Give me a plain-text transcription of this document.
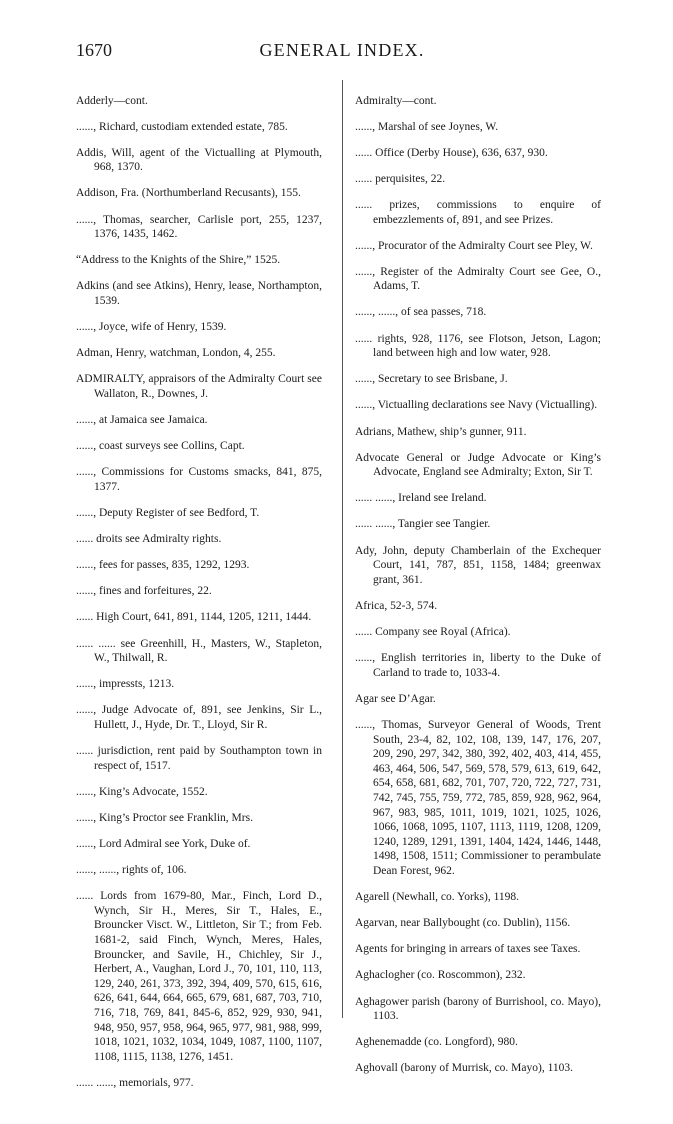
1670	GENERAL INDEX.

Adderly—cont.

......, Richard, custodiam extended estate, 785.

Addis, Will, agent of the Victualling at Plymouth, 968, 1370.

Addison, Fra. (Northumberland Recusants), 155.

......, Thomas, searcher, Carlisle port, 255, 1237, 1376, 1435, 1462.

“Address to the Knights of the Shire,” 1525.

Adkins (and see Atkins), Henry, lease, Northampton, 1539.

......, Joyce, wife of Henry, 1539.

Adman, Henry, watchman, London, 4, 255.

ADMIRALTY, appraisors of the Admiralty Court see Wallaton, R., Downes, J.

......, at Jamaica see Jamaica.

......, coast surveys see Collins, Capt.

......, Commissions for Customs smacks, 841, 875, 1377.

......, Deputy Register of see Bedford, T.

...... droits see Admiralty rights.

......, fees for passes, 835, 1292, 1293.

......, fines and forfeitures, 22.

...... High Court, 641, 891, 1144, 1205, 1211, 1444.

...... ...... see Greenhill, H., Masters, W., Stapleton, W., Thilwall, R.

......, impressts, 1213.

......, Judge Advocate of, 891, see Jenkins, Sir L., Hullett, J., Hyde, Dr. T., Lloyd, Sir R.

...... jurisdiction, rent paid by Southampton town in respect of, 1517.

......, King’s Advocate, 1552.

......, King’s Proctor see Franklin, Mrs.

......, Lord Admiral see York, Duke of.

......, ......, rights of, 106.

...... Lords from 1679-80, Mar., Finch, Lord D., Wynch, Sir H., Meres, Sir T., Hales, E., Brouncker Visct. W., Littleton, Sir T.; from Feb. 1681-2, said Finch, Wynch, Meres, Hales, Brouncker, and Savile, H., Chichley, Sir J., Herbert, A., Vaughan, Lord J., 70, 101, 110, 113, 129, 240, 261, 373, 392, 394, 409, 570, 615, 616, 626, 641, 644, 664, 665, 679, 681, 687, 703, 710, 716, 718, 769, 841, 845-6, 852, 929, 930, 941, 948, 950, 957, 958, 964, 965, 977, 981, 988, 999, 1018, 1021, 1032, 1034, 1049, 1087, 1100, 1107, 1108, 1115, 1138, 1276, 1451.

...... ......, memorials, 977.

Admiralty—cont.

......, Marshal of see Joynes, W.

...... Office (Derby House), 636, 637, 930.

...... perquisites, 22.

...... prizes, commissions to enquire of embezzlements of, 891, and see Prizes.

......, Procurator of the Admiralty Court see Pley, W.

......, Register of the Admiralty Court see Gee, O., Adams, T.

......, ......, of sea passes, 718.

...... rights, 928, 1176, see Flotson, Jetson, Lagon; land between high and low water, 928.

......, Secretary to see Brisbane, J.

......, Victualling declarations see Navy (Victualling).

Adrians, Mathew, ship’s gunner, 911.

Advocate General or Judge Advocate or King’s Advocate, England see Admiralty; Exton, Sir T.

...... ......, Ireland see Ireland.

...... ......, Tangier see Tangier.

Ady, John, deputy Chamberlain of the Exchequer Court, 141, 787, 851, 1158, 1484; greenwax grant, 361.

Africa, 52-3, 574.

...... Company see Royal (Africa).

......, English territories in, liberty to the Duke of Carland to trade to, 1033-4.

Agar see D’Agar.

......, Thomas, Surveyor General of Woods, Trent South, 23-4, 82, 102, 108, 139, 147, 176, 207, 209, 290, 297, 342, 380, 392, 402, 403, 414, 455, 463, 464, 506, 547, 569, 578, 579, 613, 619, 642, 654, 658, 681, 682, 701, 707, 720, 722, 727, 731, 742, 745, 755, 759, 772, 785, 859, 928, 962, 964, 967, 983, 985, 1011, 1019, 1021, 1025, 1026, 1066, 1068, 1095, 1107, 1113, 1119, 1208, 1209, 1240, 1289, 1291, 1391, 1404, 1424, 1446, 1448, 1498, 1508, 1511; Commissioner to perambulate Dean Forest, 962.

Agarell (Newhall, co. Yorks), 1198.

Agarvan, near Ballybought (co. Dublin), 1156.

Agents for bringing in arrears of taxes see Taxes.

Aghaclogher (co. Roscommon), 232.

Aghagower parish (barony of Burrishool, co. Mayo), 1103.

Aghenemadde (co. Longford), 980.

Aghovall (barony of Murrisk, co. Mayo), 1103.
